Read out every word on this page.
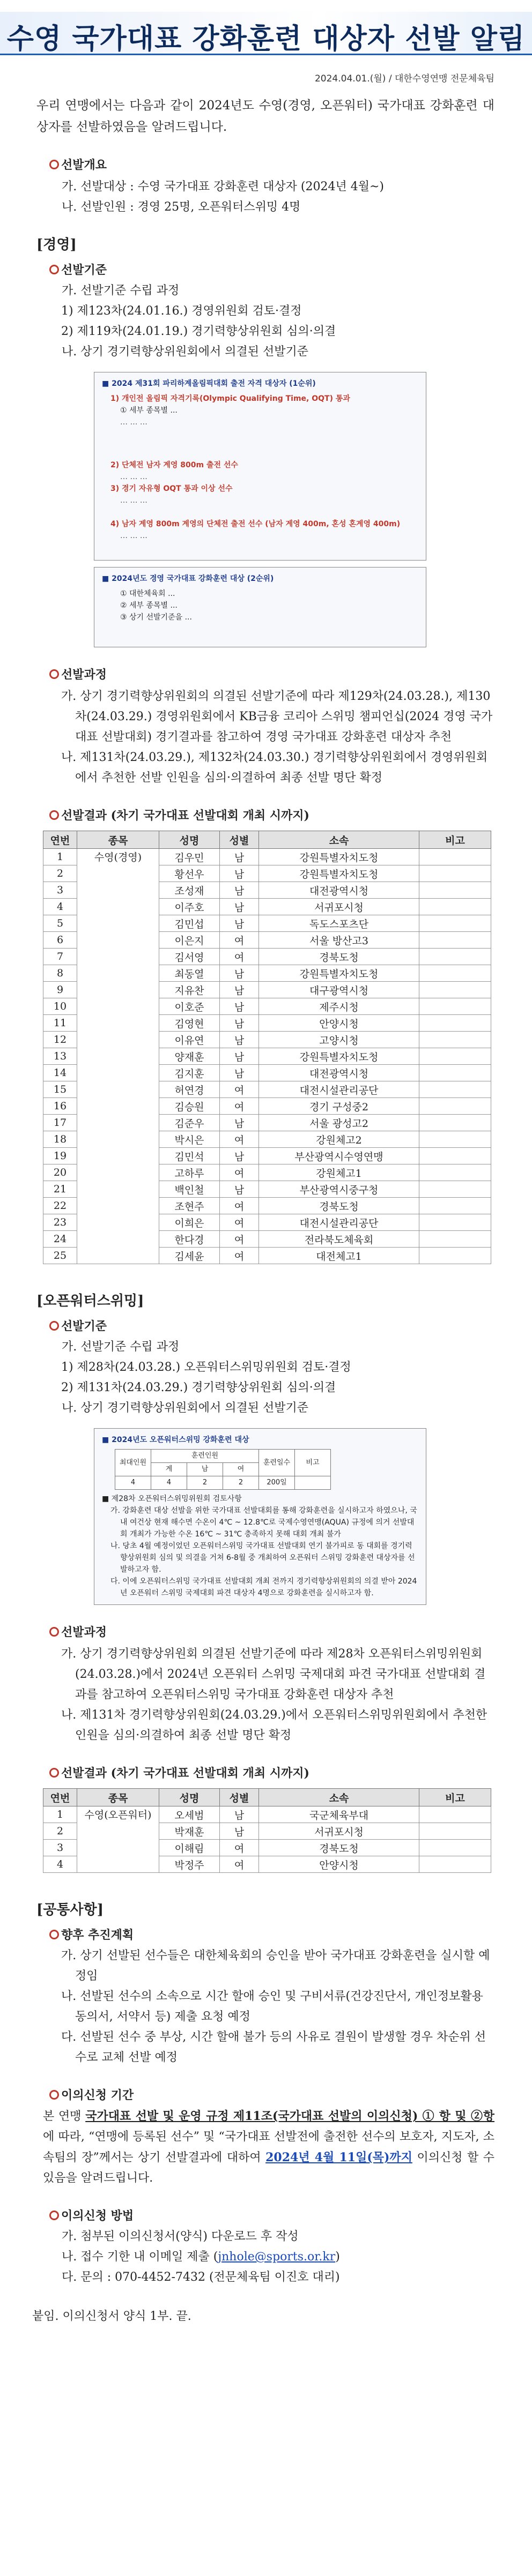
수영 국가대표 강화훈련 대상자 선발 알림
2024.04.01.(월) / 대한수영연맹 전문체육팀
우리 연맹에서는 다음과 같이 2024년도 수영(경영, 오픈워터) 국가대표 강화훈련 대상자를 선발하였음을 알려드립니다.
선발개요
가. 선발대상 : 수영 국가대표 강화훈련 대상자 (2024년 4월~)
나. 선발인원 : 경영 25명, 오픈워터스위밍 4명
[경영]
선발기준
가. 선발기준 수립 과정
1) 제123차(24.01.16.) 경영위원회 검토·결정
2) 제119차(24.01.19.) 경기력향상위원회 심의·의결
나. 상기 경기력향상위원회에서 의결된 선발기준
■ 2024 제31회 파리하계올림픽대회 출전 자격 대상자 (1순위)
1) 개인전 올림픽 자격기록(Olympic Qualifying Time, OQT) 통과
① 세부 종목별 ...
… … …
2) 단체전 남자 계영 800m 출전 선수
… … …
3) 경기 자유형 OQT 통과 이상 선수
… … …
4) 남자 계영 800m 계영의 단체전 출전 선수 (남자 계영 400m, 혼성 혼계영 400m)
… … …
■ 2024년도 경영 국가대표 강화훈련 대상 (2순위)
① 대한체육회 ...
② 세부 종목별 ...
③ 상기 선발기준을 ...
선발과정
가. 상기 경기력향상위원회의 의결된 선발기준에 따라 제129차(24.03.28.), 제130차(24.03.29.) 경영위원회에서 KB금융 코리아 스위밍 챔피언십(2024 경영 국가대표 선발대회) 경기결과를 참고하여 경영 국가대표 강화훈련 대상자 추천
나. 제131차(24.03.29.), 제132차(24.03.30.) 경기력향상위원회에서 경영위원회에서 추천한 선발 인원을 심의·의결하여 최종 선발 명단 확정
선발결과 (차기 국가대표 선발대회 개최 시까지)
연번	종목	성명	성별	소속	비고
1	수영(경영)	김우민	남	강원특별자치도청	
2		황선우	남	강원특별자치도청	
3		조성재	남	대전광역시청	
4		이주호	남	서귀포시청	
5		김민섭	남	독도스포츠단	
6		이은지	여	서울 방산고3	
7		김서영	여	경북도청	
8		최동열	남	강원특별자치도청	
9		지유찬	남	대구광역시청	
10		이호준	남	제주시청	
11		김영현	남	안양시청	
12		이유연	남	고양시청	
13		양재훈	남	강원특별자치도청	
14		김지훈	남	대전광역시청	
15		허연경	여	대전시설관리공단	
16		김승원	여	경기 구성중2	
17		김준우	남	서울 광성고2	
18		박시은	여	강원체고2	
19		김민석	남	부산광역시수영연맹	
20		고하루	여	강원체고1	
21		백인철	남	부산광역시중구청	
22		조현주	여	경북도청	
23		이희은	여	대전시설관리공단	
24		한다경	여	전라북도체육회	
25		김세윤	여	대전체고1	
[오픈워터스위밍]
선발기준
가. 선발기준 수립 과정
1) 제28차(24.03.28.) 오픈워터스위밍위원회 검토·결정
2) 제131차(24.03.29.) 경기력향상위원회 심의·의결
나. 상기 경기력향상위원회에서 의결된 선발기준
■ 2024년도 오픈워터스위밍 강화훈련 대상
최대인원	훈련인원			훈련일수	비고
	계	남	여		
4	4	2	2	200일	
■ 제28차 오픈워터스위밍위원회 검토사항
가. 강화훈련 대상 선발을 위한 국가대표 선발대회를 통해 강화훈련을 실시하고자 하였으나, 국내 여건상 현재 해수면 수온이 4℃ ~ 12.8℃로 국제수영연맹(AQUA) 규정에 의거 선발대회 개최가 가능한 수온 16℃ ~ 31℃ 충족하지 못해 대회 개최 불가
나. 당초 4월 예정이었던 오픈워터스위밍 국가대표 선발대회 연기 불가피로 동 대회를 경기력향상위원회 심의 및 의결을 거쳐 6-8월 중 개최하여 오픈워터 스위밍 강화훈련 대상자를 선발하고자 함.
다. 이에 오픈워터스위밍 국가대표 선발대회 개최 전까지 경기력향상위원회의 의결 받아 2024년 오픈워터 스위밍 국제대회 파견 대상자 4명으로 강화훈련을 실시하고자 함.
선발과정
가. 상기 경기력향상위원회 의결된 선발기준에 따라 제28차 오픈워터스위밍위원회(24.03.28.)에서 2024년 오픈워터 스위밍 국제대회 파견 국가대표 선발대회 결과를 참고하여 오픈워터스위밍 국가대표 강화훈련 대상자 추천
나. 제131차 경기력향상위원회(24.03.29.)에서 오픈워터스위밍위원회에서 추천한 인원을 심의·의결하여 최종 선발 명단 확정
선발결과 (차기 국가대표 선발대회 개최 시까지)
연번	종목	성명	성별	소속	비고
1	수영(오픈워터)	오세범	남	국군체육부대	
2		박재훈	남	서귀포시청	
3		이해림	여	경북도청	
4		박정주	여	안양시청	
[공통사항]
향후 추진계획
가. 상기 선발된 선수들은 대한체육회의 승인을 받아 국가대표 강화훈련을 실시할 예정임
나. 선발된 선수의 소속으로 시간 할애 승인 및 구비서류(건강진단서, 개인정보활용동의서, 서약서 등) 제출 요청 예정
다. 선발된 선수 중 부상, 시간 할애 불가 등의 사유로 결원이 발생할 경우 차순위 선수로 교체 선발 예정
이의신청 기간
본 연맹 국가대표 선발 및 운영 규정 제11조(국가대표 선발의 이의신청) ① 항 및 ②항에 따라, “연맹에 등록된 선수” 및 “국가대표 선발전에 출전한 선수의 보호자, 지도자, 소속팀의 장”께서는 상기 선발결과에 대하여 2024년 4월 11일(목)까지 이의신청 할 수 있음을 알려드립니다.
이의신청 방법
가. 첨부된 이의신청서(양식) 다운로드 후 작성
나. 접수 기한 내 이메일 제출 (jnhole@sports.or.kr)
다. 문의 : 070-4452-7432 (전문체육팀 이진호 대리)
붙임. 이의신청서 양식 1부. 끝.
